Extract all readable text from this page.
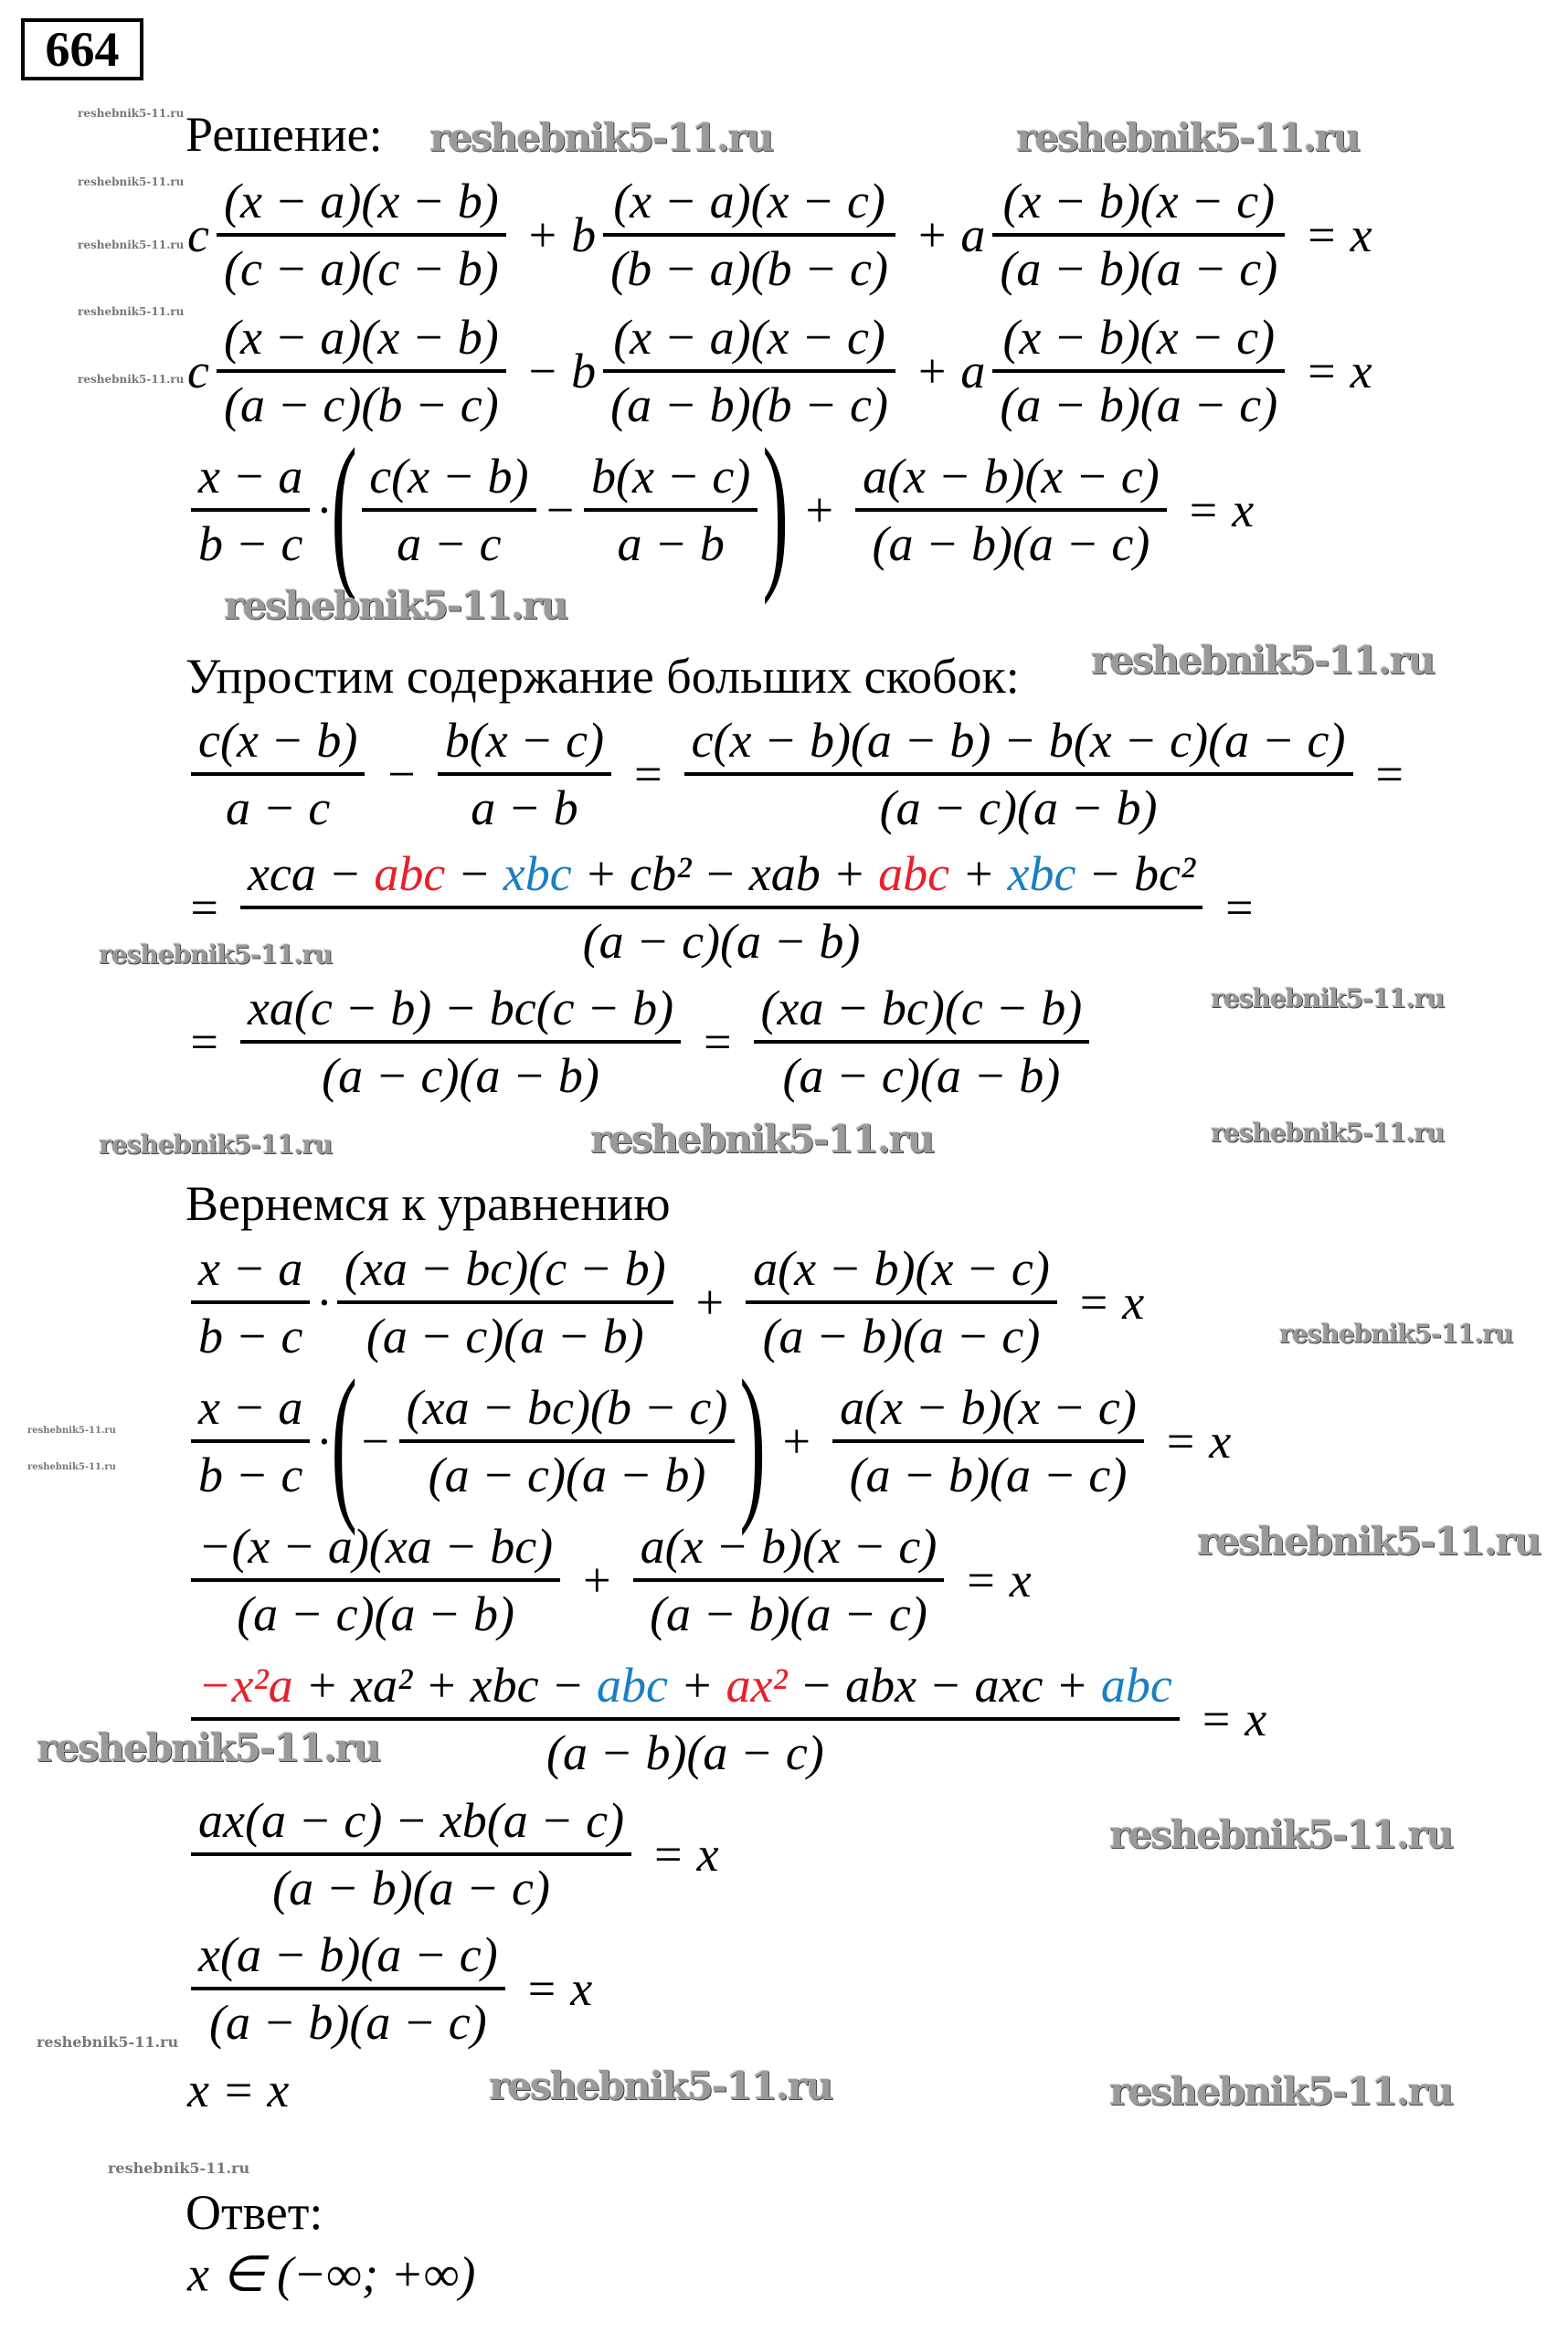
664
Решение:
Упростим содержание больших скобок:
Вернемся к уравнению
Ответ:
c $\frac{(x - a)(x - b)}{(c - a)(c - b)} + b \frac{(x - a)(x - c)}{(b - a)(b - c)} + a \frac{(x - b)(x - c)}{(a - b)(a - c)} = x$
c $\frac{(x - a)(x - b)}{(a - c)(b - c)} - b \frac{(x - a)(x - c)}{(a - b)(b - c)} + a \frac{(x - b)(x - c)}{(a - b)(a - c)} = x$
$\frac{x - a}{b - c}$ · ( $\frac{c(x - b)}{a - c} - \frac{b(x - c)}{a - b}$ ) + $\frac{a(x - b)(x - c)}{(a - b)(a - c)} = x$
$\frac{c(x - b)}{a - c} - \frac{b(x - c)}{a - b} = \frac{c(x - b)(a - b) - b(x - c)(a - c)}{(a - c)(a - b)}$ =
= $\frac{\text{xca − abc − xbc + cb² − xab + abc + xbc − bc²}}{(a - c)(a - b)}$ =
= $\frac{xa(c - b) - bc(c - b)}{(a - c)(a - b)} = \frac{(xa - bc)(c - b)}{(a - c)(a - b)}$
$\frac{x - a}{b - c} \cdot \frac{(xa - bc)(c - b)}{(a - c)(a - b)} + \frac{a(x - b)(x - c)}{(a - b)(a - c)} = x$
$\frac{x - a}{b - c}$ · ( − $\frac{(xa - bc)(b - c)}{(a - c)(a - b)}$ ) + $\frac{a(x - b)(x - c)}{(a - b)(a - c)} = x$
$\frac{-(x - a)(xa - bc)}{(a - c)(a - b)} + \frac{a(x - b)(x - c)}{(a - b)(a - c)} = x$
$\frac{\text{−x²a + xa² + xbc − abc + ax² − abx − axc + abc}}{(a - b)(a - c)} = x$
$\frac{ax(a - c) - xb(a - c)}{(a - b)(a - c)} = x$
$\frac{x(a - b)(a - c)}{(a - b)(a - c)} = x$
x = x
x ∈ (−∞; +∞)
reshebnik5-11.ru	reshebnik5-11.ru
reshebnik5-11.ru
reshebnik5-11.ru
reshebnik5-11.ru
reshebnik5-11.ru
reshebnik5-11.ru
reshebnik5-11.ru
reshebnik5-11.ru	reshebnik5-11.ru
reshebnik5-11.ru
reshebnik5-11.ru
reshebnik5-11.ru
reshebnik5-11.ru
reshebnik5-11.ru
reshebnik5-11.ru
reshebnik5-11.ru
reshebnik5-11.ru
reshebnik5-11.ru
reshebnik5-11.ru
reshebnik5-11.ru
reshebnik5-11.ru
reshebnik5-11.ru
reshebnik5-11.ru
